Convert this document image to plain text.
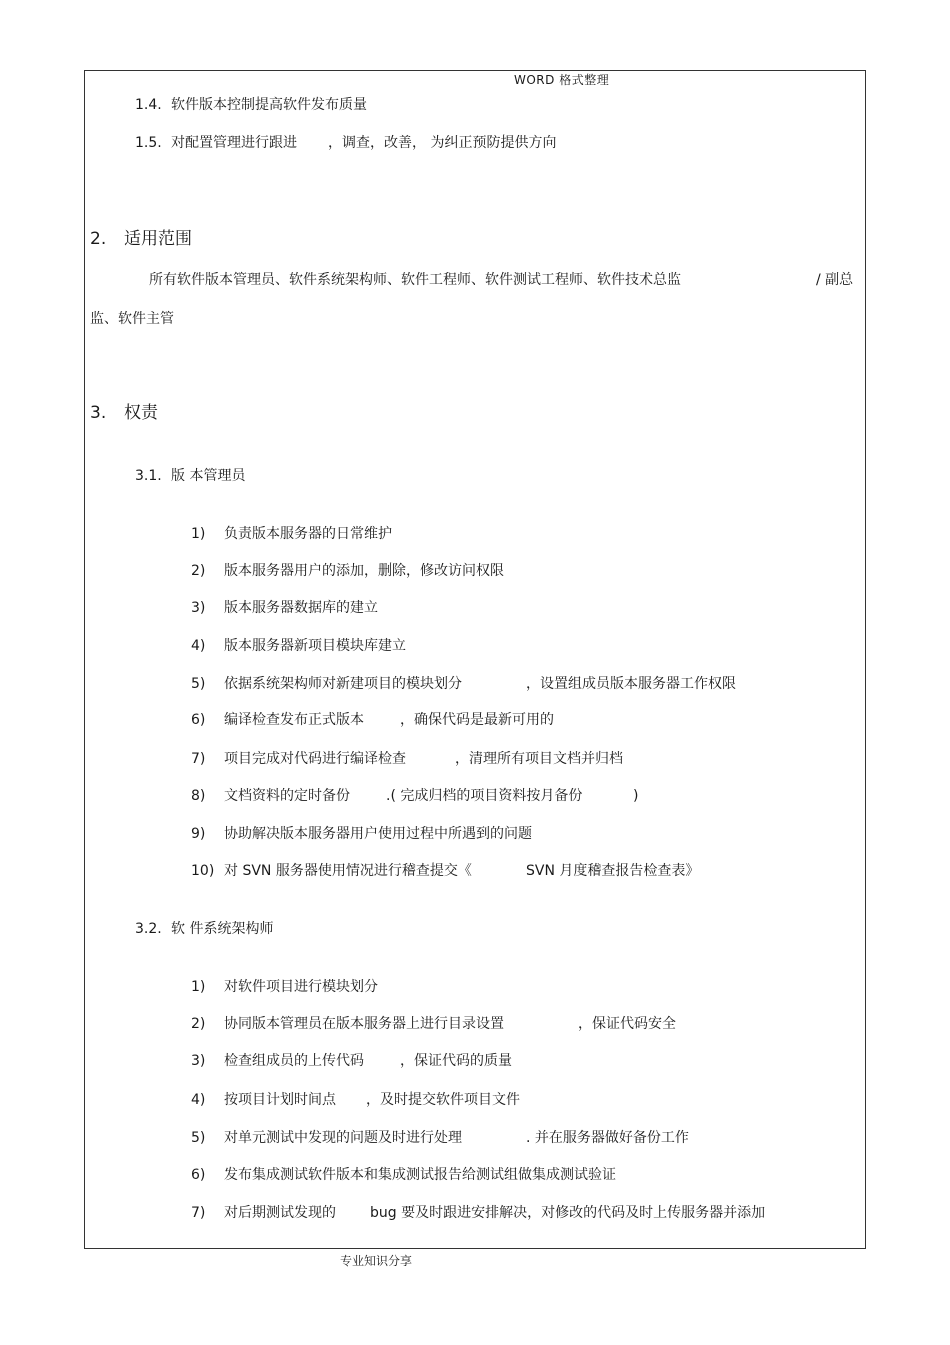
WORD 格式整理
1.4. 软件版本控制提高软件发布质量
1.5. 对配置管理进行跟进 ，调查，改善， 为纠正预防提供方向
2. 适用范围
所有软件版本管理员、软件系统架构师、软件工程师、软件测试工程师、软件技术总监	/ 副总
监、软件主管
3. 权责
3.1. 版 本管理员
1) 负责版本服务器的日常维护
2) 版本服务器用户的添加，删除，修改访问权限
3) 版本服务器数据库的建立
4) 版本服务器新项目模块库建立
5) 依据系统架构师对新建项目的模块划分	，设置组成员版本服务器工作权限
6) 编译检查发布正式版本	，确保代码是最新可用的
7) 项目完成对代码进行编译检查	，清理所有项目文档并归档
8) 文档资料的定时备份	.( 完成归档的项目资料按月备份	)
9) 协助解决版本服务器用户使用过程中所遇到的问题
10) 对 SVN 服务器使用情况进行稽查提交《	SVN 月度稽查报告检查表》
3.2. 软 件系统架构师
1) 对软件项目进行模块划分
2) 协同版本管理员在版本服务器上进行目录设置	，保证代码安全
3) 检查组成员的上传代码	，保证代码的质量
4) 按项目计划时间点 ，及时提交软件项目文件
5) 对单元测试中发现的问题及时进行处理	. 并在服务器做好备份工作
6) 发布集成测试软件版本和集成测试报告给测试组做集成测试验证
7) 对后期测试发现的 bug 要及时跟进安排解决，对修改的代码及时上传服务器并添加
专业知识分享
